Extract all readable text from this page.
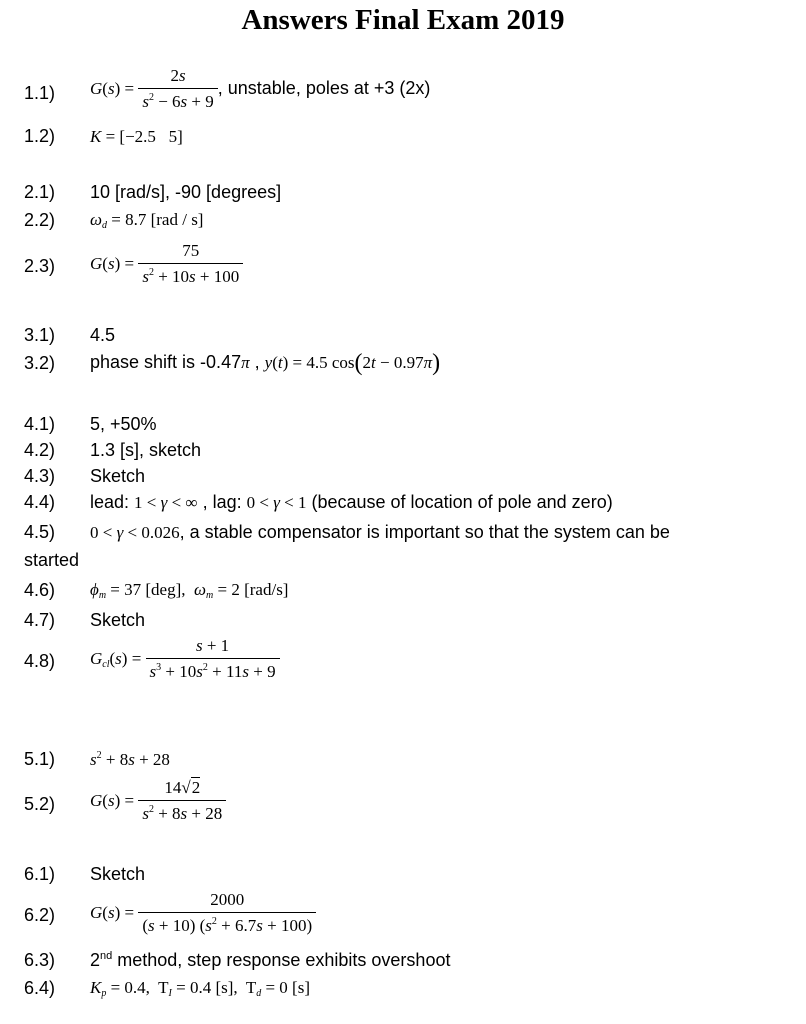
Answers Final Exam 2019
1.1) $G(s) = \frac{2s}{s^2 - 6s + 9}$ , unstable, poles at +3 (2x)
1.2) K = [−2.5   5]
2.1) 10 [rad/s], -90 [degrees]
2.2) $\omega_d = 8.7$ [rad / s]
2.3) $G(s) = \frac{75}{s^2 + 10s + 100}$
3.1) 4.5
3.2) phase shift is -0.47π , y(t) = 4.5 cos(2t − 0.97π)
4.1) 5, +50%
4.2) 1.3 [s], sketch
4.3) Sketch
4.4) lead: 1 < γ < ∞ , lag: 0 < γ < 1 (because of location of pole and zero)
4.5) 0 < γ < 0.026, a stable compensator is important so that the system can be
started
4.6) $\phi_m = 37$ [deg],  $\omega_m = 2$ [rad/s]
4.7) Sketch
4.8) $G_{cl}(s) = \frac{s + 1}{s^3 + 10s^2 + 11s + 9}$
5.1) $s^2 + 8s + 28$
5.2) $G(s) = \frac{14√2}{s^2 + 8s + 28}$
6.1) Sketch
6.2) $G(s) = \frac{2000}{(s + 10) (s^2 + 6.7s + 100)}$
6.3) 2nd method, step response exhibits overshoot
6.4) $K_p = 0.4$,  $T_I = 0.4$ [s],  $T_d = 0$ [s]
